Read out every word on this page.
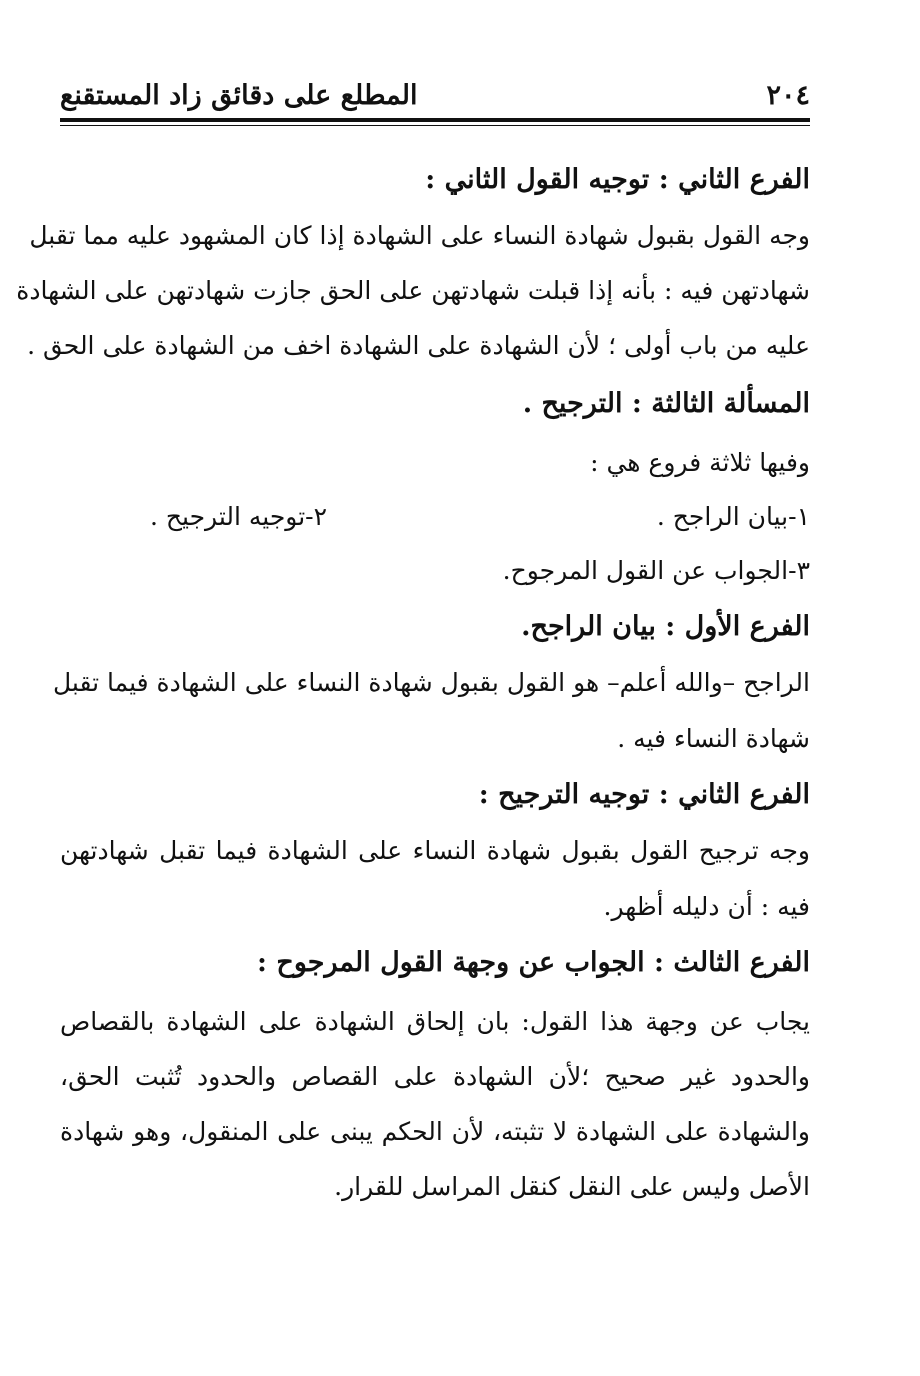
٢٠٤
المطلع على دقائق زاد المستقنع
الفرع الثاني : توجيه القول الثاني :
وجه القول بقبول شهادة النساء على الشهادة إذا كان المشهود عليه مما تقبل
شهادتهن فيه : بأنه إذا قبلت شهادتهن على الحق جازت شهادتهن على الشهادة
عليه من باب أولى ؛ لأن الشهادة على الشهادة اخف من الشهادة على الحق .
المسألة الثالثة : الترجيح .
وفيها ثلاثة فروع هي :
١-بيان الراجح .
٢-توجيه الترجيح .
٣-الجواب عن القول المرجوح.
الفرع الأول : بيان الراجح.
الراجح –والله أعلم– هو القول بقبول شهادة النساء على الشهادة فيما تقبل
شهادة النساء فيه .
الفرع الثاني : توجيه الترجيح :
وجه ترجيح القول بقبول شهادة النساء على الشهادة فيما تقبل شهادتهن
فيه : أن دليله أظهر.
الفرع الثالث : الجواب عن وجهة القول المرجوح :
يجاب عن وجهة هذا القول: بان إلحاق الشهادة على الشهادة بالقصاص
والحدود غير صحيح ؛لأن الشهادة على القصاص والحدود تُثبت الحق،
والشهادة على الشهادة لا تثبته، لأن الحكم يبنى على المنقول، وهو شهادة
الأصل وليس على النقل كنقل المراسل للقرار.
